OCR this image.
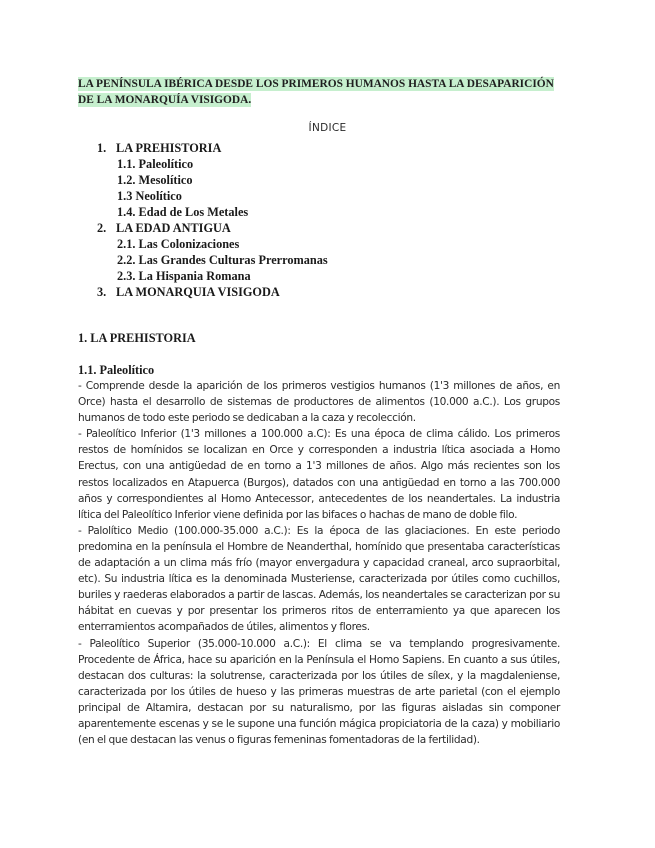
LA PENÍNSULA IBÉRICA DESDE LOS PRIMEROS HUMANOS HASTA LA DESAPARICIÓN DE LA MONARQUÍA VISIGODA.
ÍNDICE
1. LA PREHISTORIA
1.1. Paleolítico
1.2. Mesolítico
1.3 Neolítico
1.4. Edad de Los Metales
2. LA EDAD ANTIGUA
2.1. Las Colonizaciones
2.2. Las Grandes Culturas Prerromanas
2.3. La Hispania Romana
3. LA MONARQUIA VISIGODA
1. LA PREHISTORIA
1.1. Paleolítico

- Comprende desde la aparición de los primeros vestigios humanos (1'3 millones de años, en Orce) hasta el desarrollo de sistemas de productores de alimentos (10.000 a.C.). Los grupos humanos de todo este periodo se dedicaban a la caza y recolección.

- Paleolítico Inferior (1'3 millones a 100.000 a.C): Es una época de clima cálido. Los primeros restos de homínidos se localizan en Orce y corresponden a industria lítica asociada a Homo Erectus, con una antigüedad de en torno a 1'3 millones de años. Algo más recientes son los restos localizados en Atapuerca (Burgos), datados con una antigüedad en torno a las 700.000 años y correspondientes al Homo Antecessor, antecedentes de los neandertales. La industria lítica del Paleolítico Inferior viene definida por las bifaces o hachas de mano de doble filo.

- Palolítico Medio (100.000-35.000 a.C.): Es la época de las glaciaciones. En este periodo predomina en la península el Hombre de Neanderthal, homínido que presentaba características de adaptación a un clima más frío (mayor envergadura y capacidad craneal, arco supraorbital, etc). Su industria lítica es la denominada Musteriense, caracterizada por útiles como cuchillos, buriles y raederas elaborados a partir de lascas. Además, los neandertales se caracterizan por su hábitat en cuevas y por presentar los primeros ritos de enterramiento ya que aparecen los enterramientos acompañados de útiles, alimentos y flores.

- Paleolítico Superior (35.000-10.000 a.C.): El clima se va templando progresivamente. Procedente de África, hace su aparición en la Península el Homo Sapiens. En cuanto a sus útiles, destacan dos culturas: la solutrense, caracterizada por los útiles de sílex, y la magdaleniense, caracterizada por los útiles de hueso y las primeras muestras de arte parietal (con el ejemplo principal de Altamira, destacan por su naturalismo, por las figuras aisladas sin componer aparentemente escenas y se le supone una función mágica propiciatoria de la caza) y mobiliario (en el que destacan las venus o figuras femeninas fomentadoras de la fertilidad).
